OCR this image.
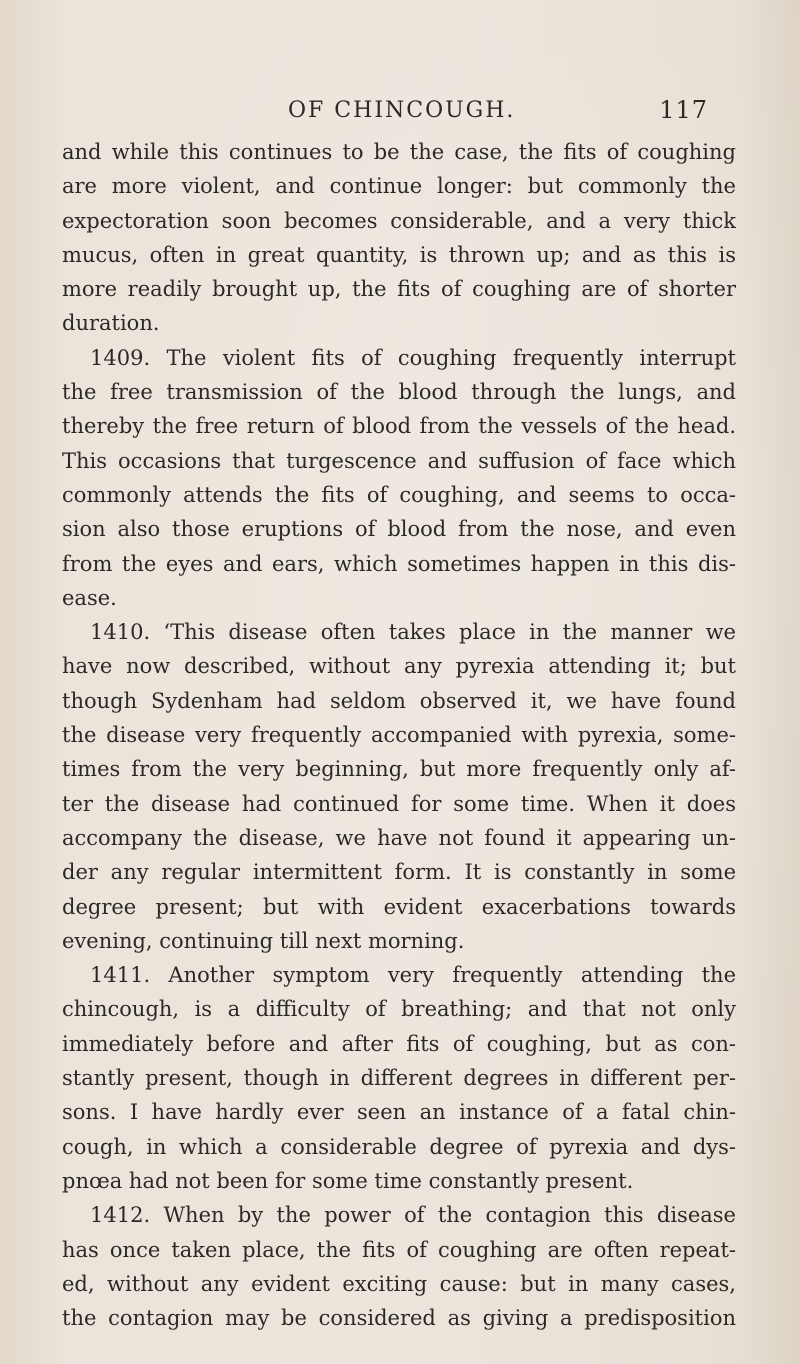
OF CHINCOUGH.	117
and while this continues to be the case, the fits of coughing
are more violent, and continue longer: but commonly the
expectoration soon becomes considerable, and a very thick
mucus, often in great quantity, is thrown up; and as this is
more readily brought up, the fits of coughing are of shorter
duration.
1409. The violent fits of coughing frequently interrupt
the free transmission of the blood through the lungs, and
thereby the free return of blood from the vessels of the head.
This occasions that turgescence and suffusion of face which
commonly attends the fits of coughing, and seems to occa-
sion also those eruptions of blood from the nose, and even
from the eyes and ears, which sometimes happen in this dis-
ease.
1410. ‘This disease often takes place in the manner we
have now described, without any pyrexia attending it; but
though Sydenham had seldom observed it, we have found
the disease very frequently accompanied with pyrexia, some-
times from the very beginning, but more frequently only af-
ter the disease had continued for some time. When it does
accompany the disease, we have not found it appearing un-
der any regular intermittent form. It is constantly in some
degree present; but with evident exacerbations towards
evening, continuing till next morning.
1411. Another symptom very frequently attending the
chincough, is a difficulty of breathing; and that not only
immediately before and after fits of coughing, but as con-
stantly present, though in different degrees in different per-
sons. I have hardly ever seen an instance of a fatal chin-
cough, in which a considerable degree of pyrexia and dys-
pnœa had not been for some time constantly present.
1412. When by the power of the contagion this disease
has once taken place, the fits of coughing are often repeat-
ed, without any evident exciting cause: but in many cases,
the contagion may be considered as giving a predisposition
